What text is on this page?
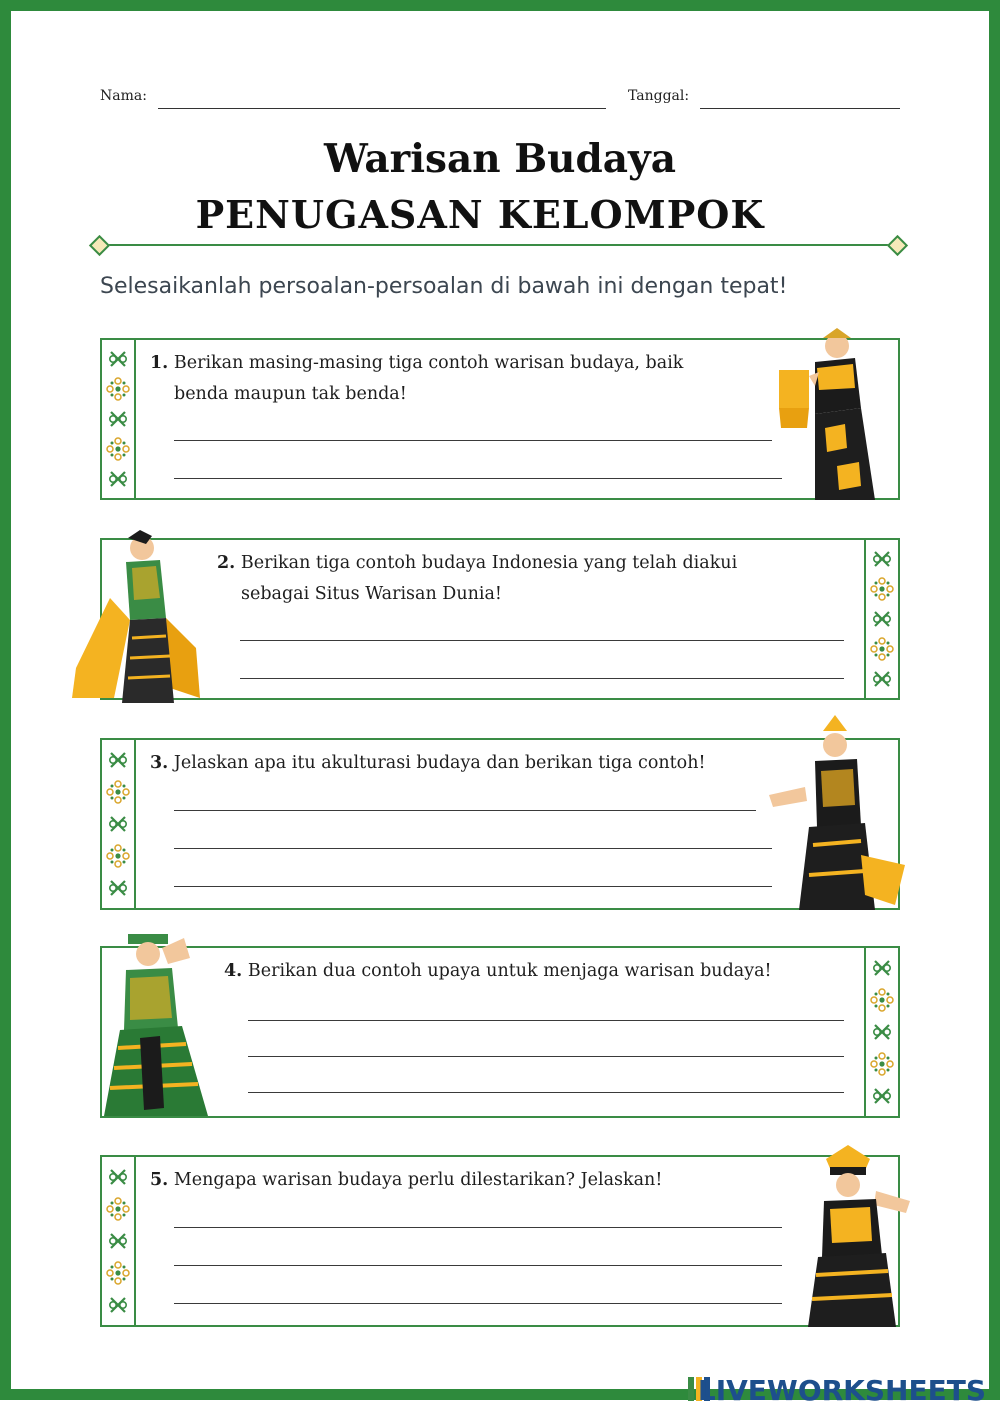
Nama:	Tanggal:
Warisan Budaya
PENUGASAN KELOMPOK
Selesaikanlah persoalan-persoalan di bawah ini dengan tepat!
1. Berikan masing-masing tiga contoh warisan budaya, baik
benda maupun tak benda!
2. Berikan tiga contoh budaya Indonesia yang telah diakui
sebagai Situs Warisan Dunia!
3. Jelaskan apa itu akulturasi budaya dan berikan tiga contoh!
4. Berikan dua contoh upaya untuk menjaga warisan budaya!
5. Mengapa warisan budaya perlu dilestarikan? Jelaskan!
LIVEWORKSHEETS
